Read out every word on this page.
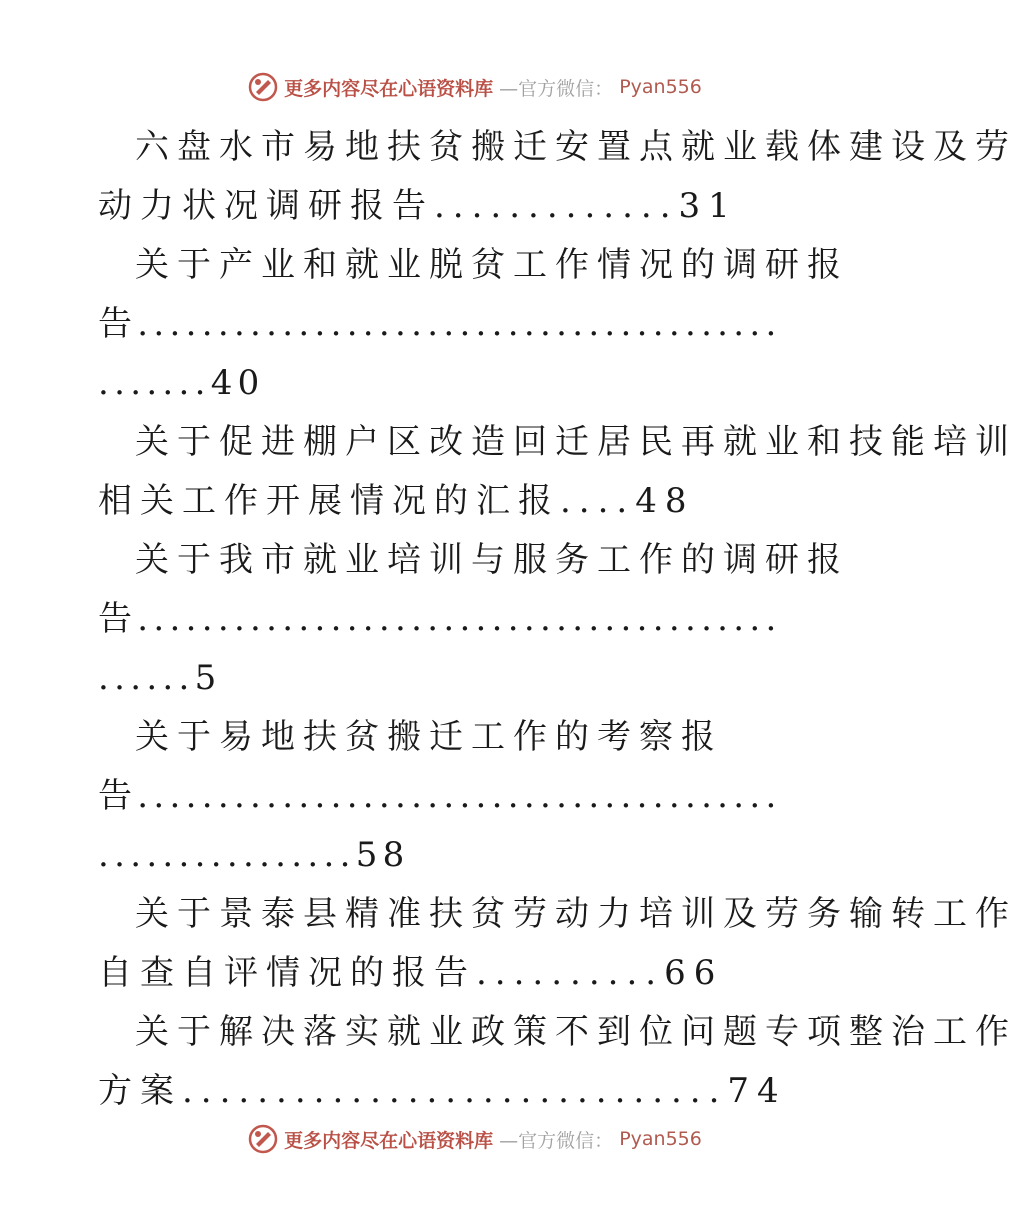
更多内容尽在心语资料库 —官方微信： Pyan556
六盘水市易地扶贫搬迁安置点就业载体建设及劳
动力状况调研报告.............31
关于产业和就业脱贫工作情况的调研报
告........................................
.......40
关于促进棚户区改造回迁居民再就业和技能培训
相关工作开展情况的汇报....48
关于我市就业培训与服务工作的调研报
告........................................
......5
关于易地扶贫搬迁工作的考察报
告........................................
................58
关于景泰县精准扶贫劳动力培训及劳务输转工作
自查自评情况的报告..........66
关于解决落实就业政策不到位问题专项整治工作
方案.............................74
更多内容尽在心语资料库 —官方微信： Pyan556
